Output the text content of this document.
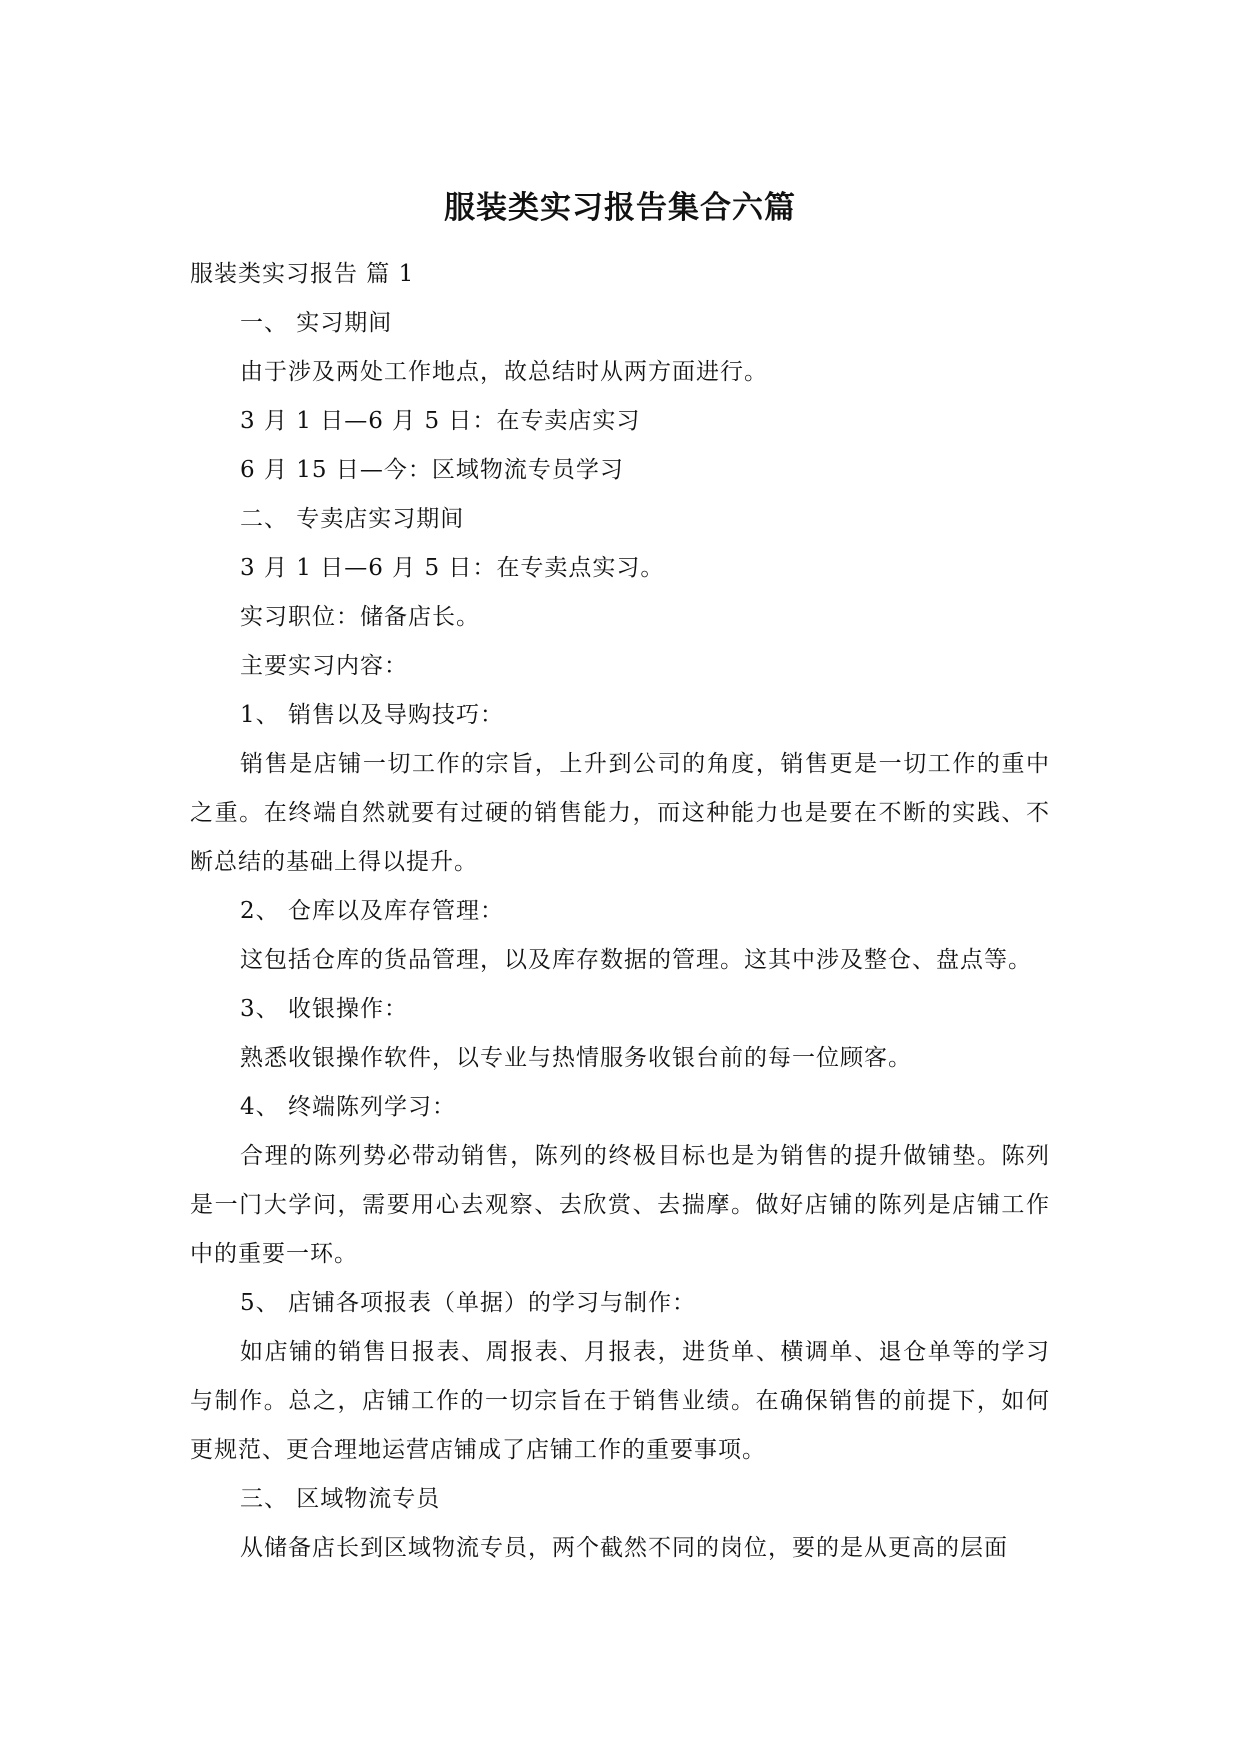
服装类实习报告集合六篇

服装类实习报告 篇 1

一、 实习期间

由于涉及两处工作地点，故总结时从两方面进行。

3 月 1 日—6 月 5 日：在专卖店实习

6 月 15 日—今：区域物流专员学习

二、 专卖店实习期间

3 月 1 日—6 月 5 日：在专卖点实习。

实习职位：储备店长。

主要实习内容：

1、 销售以及导购技巧：

销售是店铺一切工作的宗旨，上升到公司的角度，销售更是一切工作的重中之重。在终端自然就要有过硬的销售能力，而这种能力也是要在不断的实践、不断总结的基础上得以提升。

2、 仓库以及库存管理：

这包括仓库的货品管理，以及库存数据的管理。这其中涉及整仓、盘点等。

3、 收银操作：

熟悉收银操作软件，以专业与热情服务收银台前的每一位顾客。

4、 终端陈列学习：

合理的陈列势必带动销售，陈列的终极目标也是为销售的提升做铺垫。陈列是一门大学问，需要用心去观察、去欣赏、去揣摩。做好店铺的陈列是店铺工作中的重要一环。

5、 店铺各项报表（单据）的学习与制作：

如店铺的销售日报表、周报表、月报表，进货单、横调单、退仓单等的学习与制作。总之，店铺工作的一切宗旨在于销售业绩。在确保销售的前提下，如何更规范、更合理地运营店铺成了店铺工作的重要事项。

三、 区域物流专员

从储备店长到区域物流专员，两个截然不同的岗位，要的是从更高的层面
